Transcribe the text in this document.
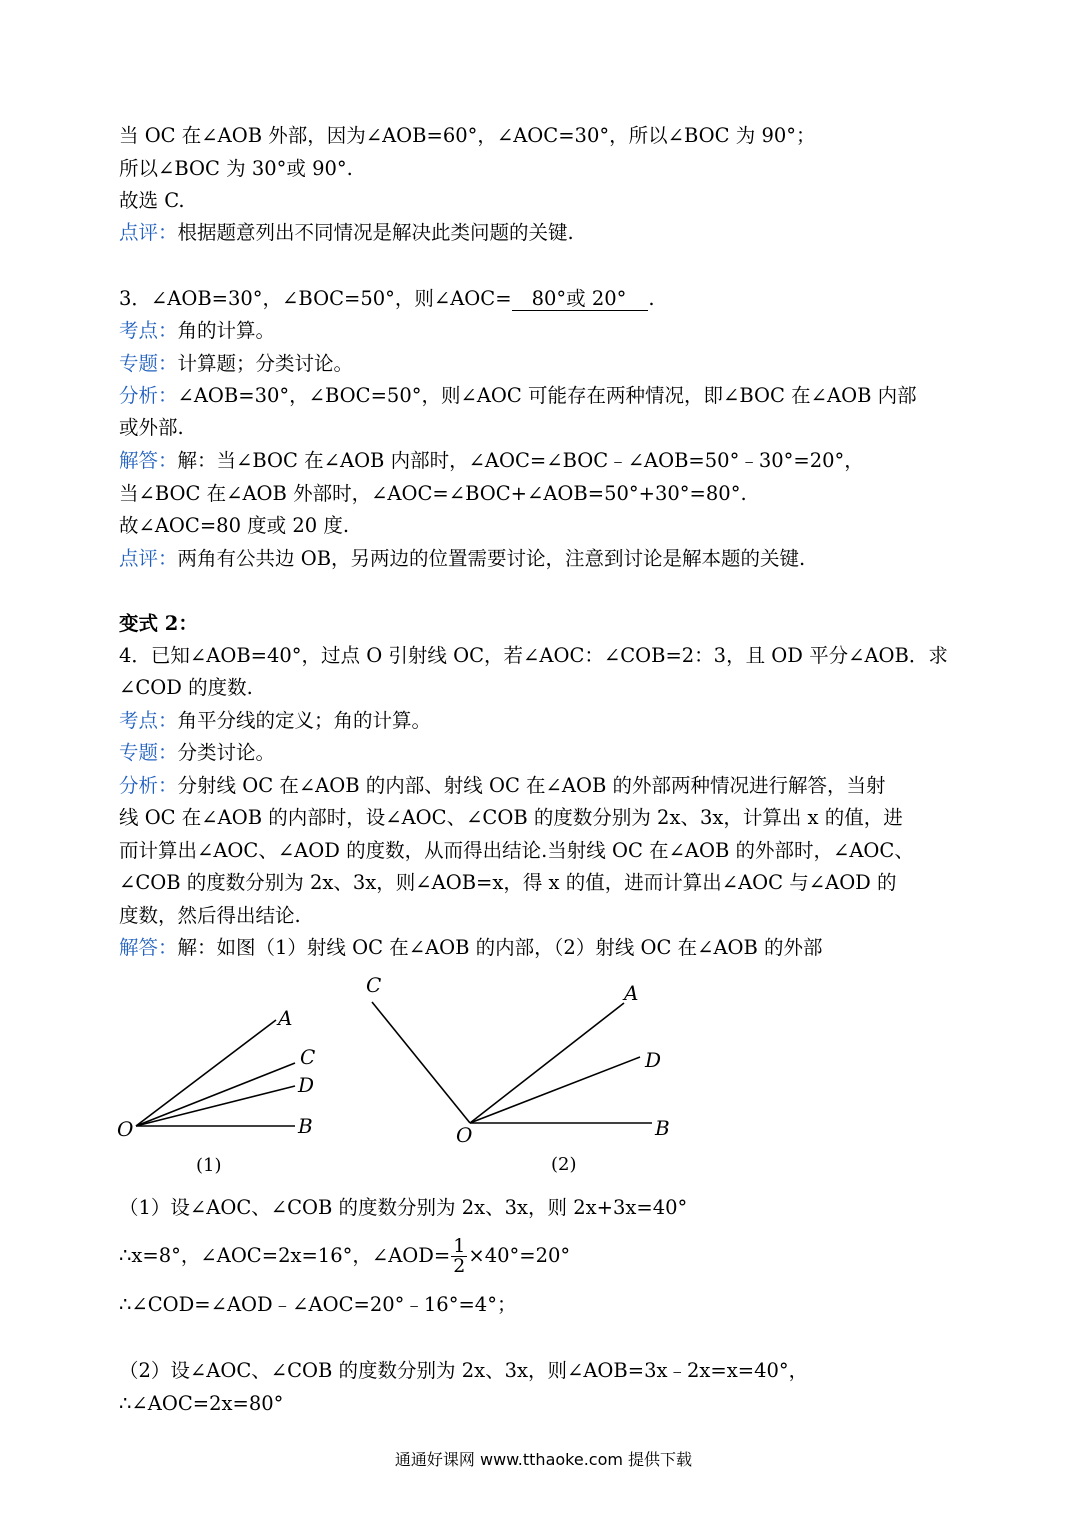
当 OC 在∠AOB 外部，因为∠AOB=60°，∠AOC=30°，所以∠BOC 为 90°；

所以∠BOC 为 30°或 90°.

故选 C.

点评：根据题意列出不同情况是解决此类问题的关键.

3．∠AOB=30°，∠BOC=50°，则∠AOC= 80°或 20° .

考点：角的计算。

专题：计算题；分类讨论。

分析：∠AOB=30°，∠BOC=50°，则∠AOC 可能存在两种情况，即∠BOC 在∠AOB 内部

或外部.

解答：解：当∠BOC 在∠AOB 内部时，∠AOC=∠BOC﹣∠AOB=50°﹣30°=20°，

当∠BOC 在∠AOB 外部时，∠AOC=∠BOC+∠AOB=50°+30°=80°.

故∠AOC=80 度或 20 度.

点评：两角有公共边 OB，另两边的位置需要讨论，注意到讨论是解本题的关键.

变式 2：

4．已知∠AOB=40°，过点 O 引射线 OC，若∠AOC：∠COB=2：3，且 OD 平分∠AOB．求

∠COD 的度数.

考点：角平分线的定义；角的计算。

专题：分类讨论。

分析：分射线 OC 在∠AOB 的内部、射线 OC 在∠AOB 的外部两种情况进行解答，当射

线 OC 在∠AOB 的内部时，设∠AOC、∠COB 的度数分别为 2x、3x，计算出 x 的值，进

而计算出∠AOC、∠AOD 的度数，从而得出结论.当射线 OC 在∠AOB 的外部时，∠AOC、

∠COB 的度数分别为 2x、3x，则∠AOB=x，得 x 的值，进而计算出∠AOC 与∠AOD 的

度数，然后得出结论.

解答：解：如图（1）射线 OC 在∠AOB 的内部，（2）射线 OC 在∠AOB 的外部

O
A
C
D
B
(1)
O
C	A
D
B
(2)

（1）设∠AOC、∠COB 的度数分别为 2x、3x，则 2x+3x=40°

∴x=8°，∠AOC=2x=16°，∠AOD= $\frac{1}{2} \times 40^\circ=20^\circ$

∴∠COD=∠AOD﹣∠AOC=20°﹣16°=4°；

（2）设∠AOC、∠COB 的度数分别为 2x、3x，则∠AOB=3x﹣2x=x=40°，

∴∠AOC=2x=80°

通通好课网 www.tthaoke.com 提供下载
